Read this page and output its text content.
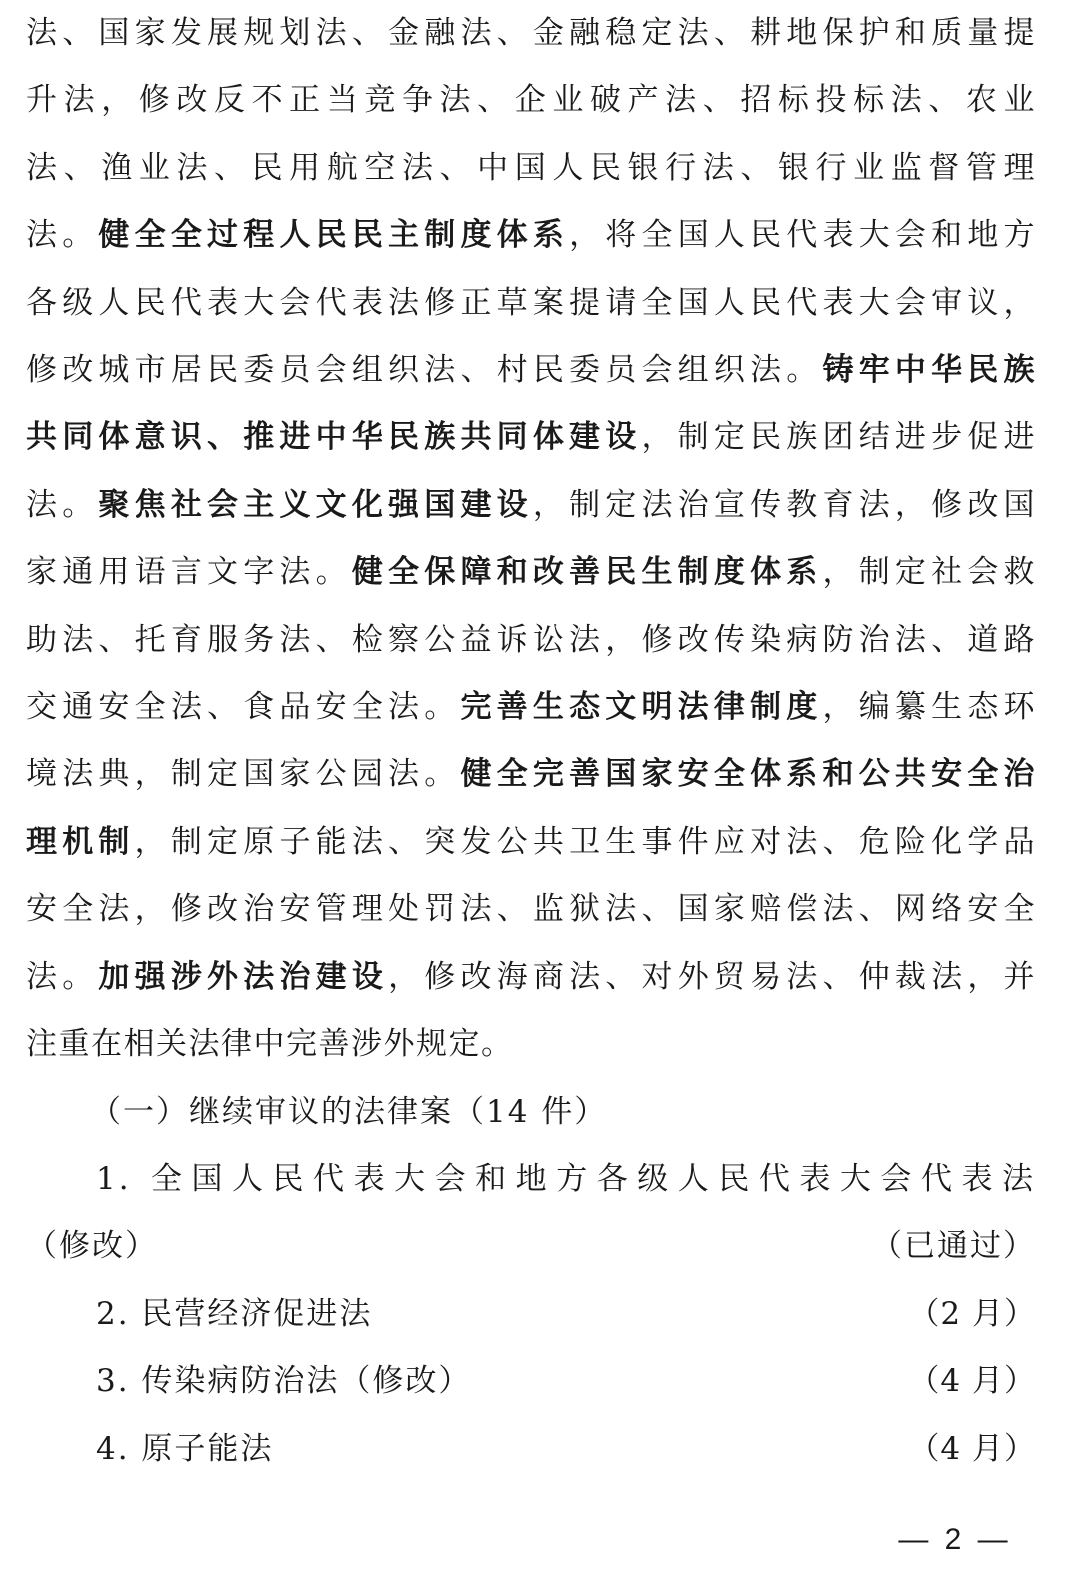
法、国家发展规划法、金融法、金融稳定法、耕地保护和质量提

升法，修改反不正当竞争法、企业破产法、招标投标法、农业

法、渔业法、民用航空法、中国人民银行法、银行业监督管理

法。健全全过程人民民主制度体系，将全国人民代表大会和地方

各级人民代表大会代表法修正草案提请全国人民代表大会审议，

修改城市居民委员会组织法、村民委员会组织法。铸牢中华民族

共同体意识、推进中华民族共同体建设，制定民族团结进步促进

法。聚焦社会主义文化强国建设，制定法治宣传教育法，修改国

家通用语言文字法。健全保障和改善民生制度体系，制定社会救

助法、托育服务法、检察公益诉讼法，修改传染病防治法、道路

交通安全法、食品安全法。完善生态文明法律制度，编纂生态环

境法典，制定国家公园法。健全完善国家安全体系和公共安全治

理机制，制定原子能法、突发公共卫生事件应对法、危险化学品

安全法，修改治安管理处罚法、监狱法、国家赔偿法、网络安全

法。加强涉外法治建设，修改海商法、对外贸易法、仲裁法，并

注重在相关法律中完善涉外规定。

（一）继续审议的法律案（14 件）

1. 全国人民代表大会和地方各级人民代表大会代表法

（修改）	（已通过）

2. 民营经济促进法	（2 月）

3. 传染病防治法（修改）	（4 月）

4. 原子能法	（4 月）

— 2 —
